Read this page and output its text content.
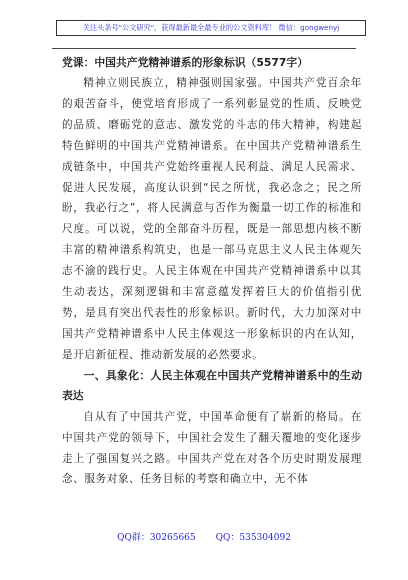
关注头条号"公文研究"，获得最新最全最专业的公文资料库！ 微信：gongwenyj

党课：中国共产党精神谱系的形象标识（5577字）

精神立则民族立，精神强则国家强。中国共产党百余年的艰苦奋斗，使党培育形成了一系列彰显党的性质、反映党的品质、磨砺党的意志、激发党的斗志的伟大精神，构建起特色鲜明的中国共产党精神谱系。在中国共产党精神谱系生成链条中，中国共产党始终重视人民利益、满足人民需求、促进人民发展，高度认识到“民之所忧，我必念之；民之所盼，我必行之”，将人民满意与否作为衡量一切工作的标准和尺度。可以说，党的全部奋斗历程，既是一部思想内核不断丰富的精神谱系构筑史，也是一部马克思主义人民主体观矢志不渝的践行史。人民主体观在中国共产党精神谱系中以其生动表达，深刻逻辑和丰富意蕴发挥着巨大的价值指引优势，是具有突出代表性的形象标识。新时代，大力加深对中国共产党精神谱系中人民主体观这一形象标识的内在认知，是开启新征程、推动新发展的必然要求。

一、具象化：人民主体观在中国共产党精神谱系中的生动表达

自从有了中国共产党，中国革命便有了崭新的格局。在中国共产党的领导下，中国社会发生了翻天覆地的变化逐步走上了强国复兴之路。中国共产党在对各个历史时期发展理念、服务对象、任务目标的考察和确立中，无不体

QQ群：30265665 QQ：535304092
